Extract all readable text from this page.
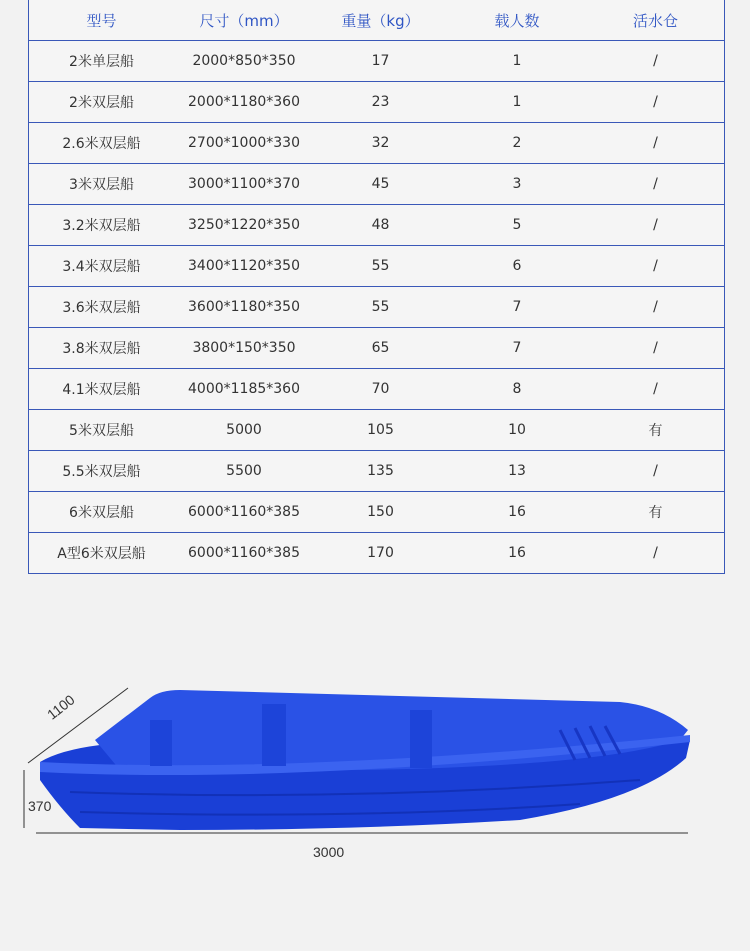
型号	尺寸（mm）	重量（kg）	载人数	活水仓
2米单层船	2000*850*350	17	1	/
2米双层船	2000*1180*360	23	1	/
2.6米双层船	2700*1000*330	32	2	/
3米双层船	3000*1100*370	45	3	/
3.2米双层船	3250*1220*350	48	5	/
3.4米双层船	3400*1120*350	55	6	/
3.6米双层船	3600*1180*350	55	7	/
3.8米双层船	3800*150*350	65	7	/
4.1米双层船	4000*1185*360	70	8	/
5米双层船	5000	105	10	有
5.5米双层船	5500	135	13	/
6米双层船	6000*1160*385	150	16	有
A型6米双层船	6000*1160*385	170	16	/
1100
370
3000
